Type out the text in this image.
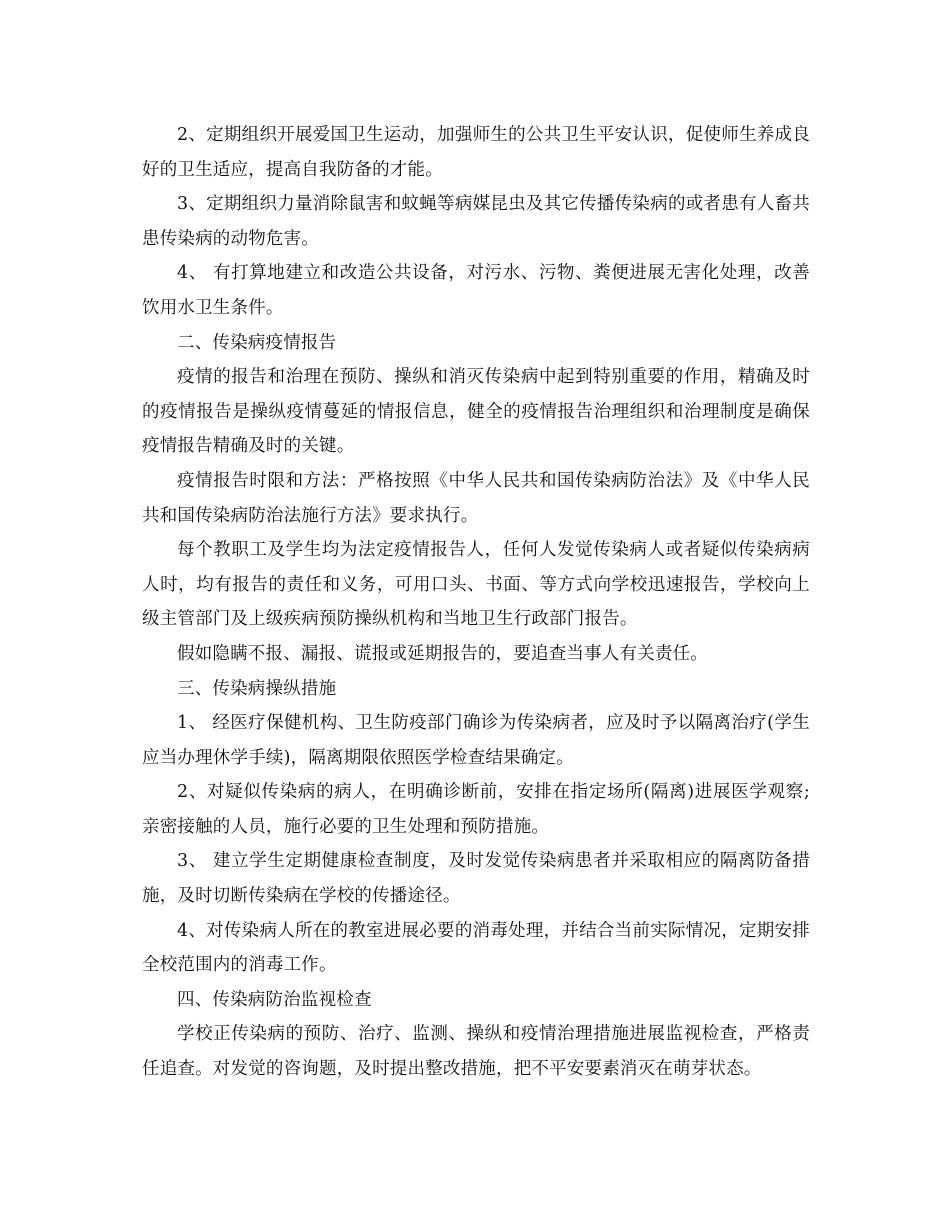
2、定期组织开展爱国卫生运动，加强师生的公共卫生平安认识，促使师生养成良好的卫生适应，提高自我防备的才能。

3、定期组织力量消除鼠害和蚊蝇等病媒昆虫及其它传播传染病的或者患有人畜共患传染病的动物危害。

4、 有打算地建立和改造公共设备，对污水、污物、粪便进展无害化处理，改善饮用水卫生条件。

二、传染病疫情报告

疫情的报告和治理在预防、操纵和消灭传染病中起到特别重要的作用，精确及时的疫情报告是操纵疫情蔓延的情报信息，健全的疫情报告治理组织和治理制度是确保疫情报告精确及时的关键。

疫情报告时限和方法：严格按照《中华人民共和国传染病防治法》及《中华人民共和国传染病防治法施行方法》要求执行。

每个教职工及学生均为法定疫情报告人，任何人发觉传染病人或者疑似传染病病人时，均有报告的责任和义务，可用口头、书面、等方式向学校迅速报告，学校向上级主管部门及上级疾病预防操纵机构和当地卫生行政部门报告。

假如隐瞒不报、漏报、谎报或延期报告的，要追查当事人有关责任。

三、传染病操纵措施

1、 经医疗保健机构、卫生防疫部门确诊为传染病者，应及时予以隔离治疗(学生应当办理休学手续)，隔离期限依照医学检查结果确定。

2、对疑似传染病的病人，在明确诊断前，安排在指定场所(隔离)进展医学观察;亲密接触的人员，施行必要的卫生处理和预防措施。

3、 建立学生定期健康检查制度，及时发觉传染病患者并采取相应的隔离防备措施，及时切断传染病在学校的传播途径。

4、对传染病人所在的教室进展必要的消毒处理，并结合当前实际情况，定期安排全校范围内的消毒工作。

四、传染病防治监视检查

学校正传染病的预防、治疗、监测、操纵和疫情治理措施进展监视检查，严格责任追查。对发觉的咨询题，及时提出整改措施，把不平安要素消灭在萌芽状态。
